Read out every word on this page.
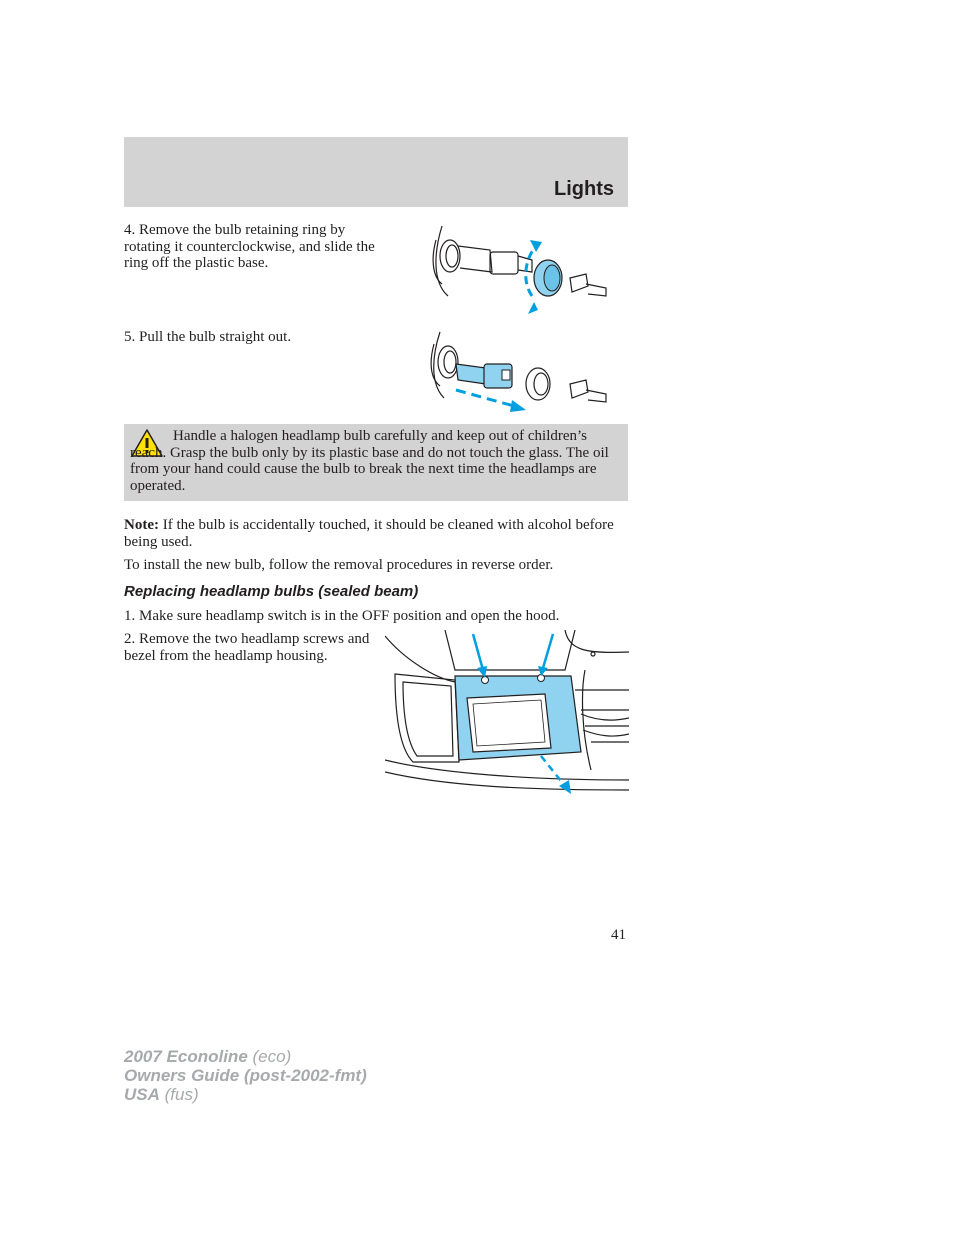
Lights
4. Remove the bulb retaining ring by rotating it counterclockwise, and slide the ring off the plastic base.
5. Pull the bulb straight out.
Handle a halogen headlamp bulb carefully and keep out of children’s reach. Grasp the bulb only by its plastic base and do not touch the glass. The oil from your hand could cause the bulb to break the next time the headlamps are operated.
Note: If the bulb is accidentally touched, it should be cleaned with alcohol before being used.
To install the new bulb, follow the removal procedures in reverse order.
Replacing headlamp bulbs (sealed beam)
1. Make sure headlamp switch is in the OFF position and open the hood.
2. Remove the two headlamp screws and bezel from the headlamp housing.
41
2007 Econoline (eco)
Owners Guide (post-2002-fmt)
USA (fus)
